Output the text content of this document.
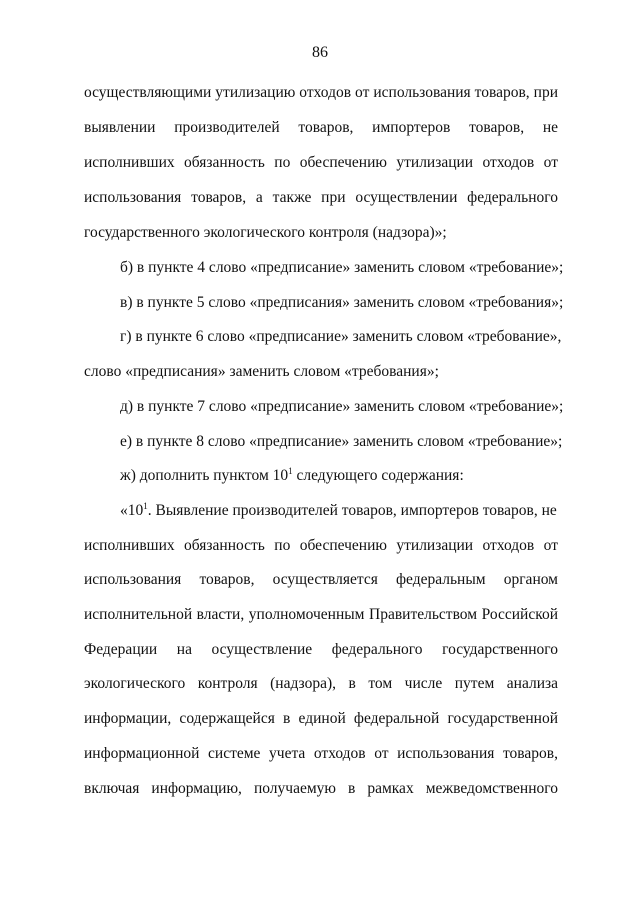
86
осуществляющими утилизацию отходов от использования товаров, при
выявлении производителей товаров, импортеров товаров, не
исполнивших обязанность по обеспечению утилизации отходов от
использования товаров, а также при осуществлении федерального
государственного экологического контроля (надзора)»;
б) в пункте 4 слово «предписание» заменить словом «требование»;
в) в пункте 5 слово «предписания» заменить словом «требования»;
г) в пункте 6 слово «предписание» заменить словом «требование»,
слово «предписания» заменить словом «требования»;
д) в пункте 7 слово «предписание» заменить словом «требование»;
е) в пункте 8 слово «предписание» заменить словом «требование»;
ж) дополнить пунктом $10^1$ следующего содержания:
«$10^1$. Выявление производителей товаров, импортеров товаров, не
исполнивших обязанность по обеспечению утилизации отходов от
использования товаров, осуществляется федеральным органом
исполнительной власти, уполномоченным Правительством Российской
Федерации на осуществление федерального государственного
экологического контроля (надзора), в том числе путем анализа
информации, содержащейся в единой федеральной государственной
информационной системе учета отходов от использования товаров,
включая информацию, получаемую в рамках межведомственного
